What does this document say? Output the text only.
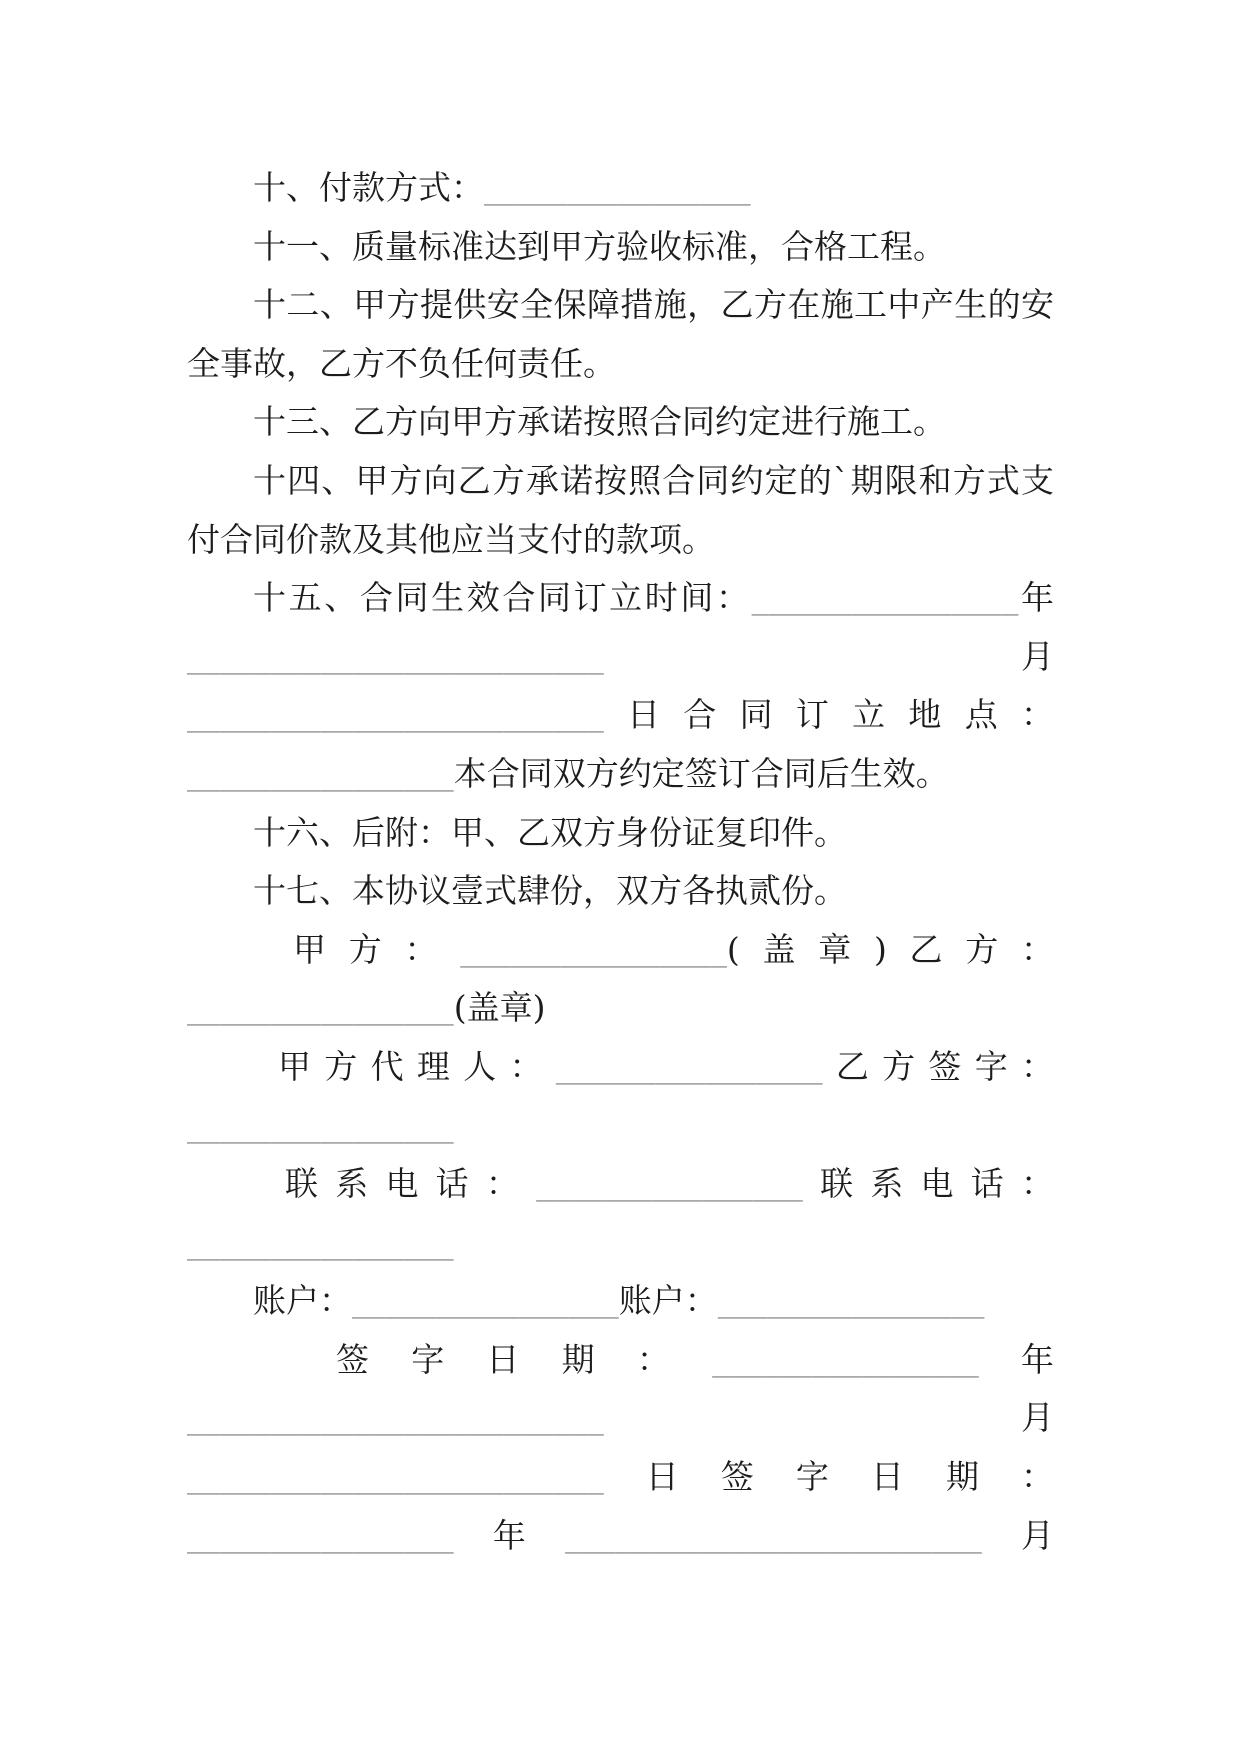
十、付款方式：________________
十一、质量标准达到甲方验收标准，合格工程。
十二、甲方提供安全保障措施，乙方在施工中产生的安
全事故，乙方不负任何责任。
十三、乙方向甲方承诺按照合同约定进行施工。
十四、甲方向乙方承诺按照合同约定的`期限和方式支
付合同价款及其他应当支付的款项。
十五、合同生效合同订立时间：________________年
_________________________月
_________________________日合同订立地点：
________________本合同双方约定签订合同后生效。
十六、后附：甲、乙双方身份证复印件。
十七、本协议壹式肆份，双方各执贰份。
甲方：________________(盖章)乙方：
________________(盖章)
甲方代理人：________________乙方签字：
________________
联系电话：________________联系电话：
________________
账户：________________账户：________________
签字日期：________________年
_________________________月
_________________________日签字日期：
________________年_________________________月
